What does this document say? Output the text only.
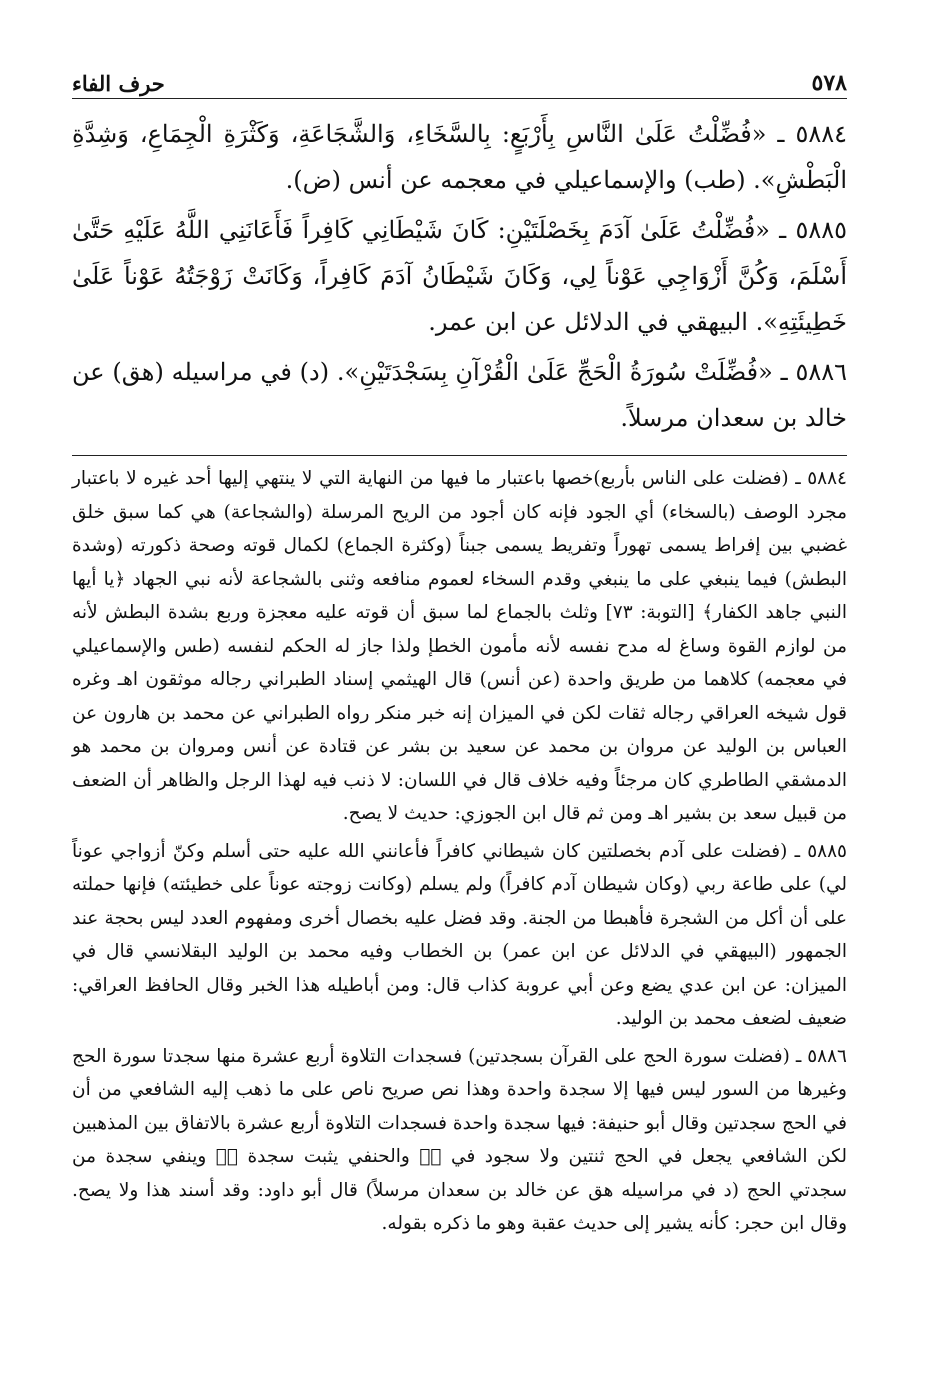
٥٧٨
حرف الفاء

٥٨٨٤ ـ «فُضِّلْتُ عَلَىٰ النَّاسِ بِأَرْبَعٍ: بِالسَّخَاءِ، وَالشَّجَاعَةِ، وَكَثْرَةِ الْجِمَاعِ، وَشِدَّةِ الْبَطْشِ». (طب) والإسماعيلي في معجمه عن أنس (ض).

٥٨٨٥ ـ «فُضِّلْتُ عَلَىٰ آدَمَ بِخَصْلَتَيْنِ: كَانَ شَيْطَانِي كَافِراً فَأَعَانَنِي اللَّهُ عَلَيْهِ حَتَّىٰ أَسْلَمَ، وَكُنَّ أَزْوَاجِي عَوْناً لِي، وَكَانَ شَيْطَانُ آدَمَ كَافِراً، وَكَانَتْ زَوْجَتُهُ عَوْناً عَلَىٰ خَطِيئَتِهِ». البيهقي في الدلائل عن ابن عمر.

٥٨٨٦ ـ «فُضِّلَتْ سُورَةُ الْحَجِّ عَلَىٰ الْقُرْآنِ بِسَجْدَتَيْنِ». (د) في مراسيله (هق) عن خالد بن سعدان مرسلاً.

٥٨٨٤ ـ (فضلت على الناس بأربع)خصها باعتبار ما فيها من النهاية التي لا ينتهي إليها أحد غيره لا باعتبار مجرد الوصف (بالسخاء) أي الجود فإنه كان أجود من الريح المرسلة (والشجاعة) هي كما سبق خلق غضبي بين إفراط يسمى تهوراً وتفريط يسمى جبناً (وكثرة الجماع) لكمال قوته وصحة ذكورته (وشدة البطش) فيما ينبغي على ما ينبغي وقدم السخاء لعموم منافعه وثنى بالشجاعة لأنه نبي الجهاد ﴿يا أيها النبي جاهد الكفار﴾ [التوبة: ٧٣] وثلث بالجماع لما سبق أن قوته عليه معجزة وربع بشدة البطش لأنه من لوازم القوة وساغ له مدح نفسه لأنه مأمون الخطإ ولذا جاز له الحكم لنفسه (طس والإسماعيلي في معجمه) كلاهما من طريق واحدة (عن أنس) قال الهيثمي إسناد الطبراني رجاله موثقون اهـ وغره قول شيخه العراقي رجاله ثقات لكن في الميزان إنه خبر منكر رواه الطبراني عن محمد بن هارون عن العباس بن الوليد عن مروان بن محمد عن سعيد بن بشر عن قتادة عن أنس ومروان بن محمد هو الدمشقي الطاطري كان مرجئاً وفيه خلاف قال في اللسان: لا ذنب فيه لهذا الرجل والظاهر أن الضعف من قبيل سعد بن بشير اهـ ومن ثم قال ابن الجوزي: حديث لا يصح.

٥٨٨٥ ـ (فضلت على آدم بخصلتين كان شيطاني كافراً فأعانني الله عليه حتى أسلم وكنّ أزواجي عوناً لي) على طاعة ربي (وكان شيطان آدم كافراً) ولم يسلم (وكانت زوجته عوناً على خطيئته) فإنها حملته على أن أكل من الشجرة فأهبطا من الجنة. وقد فضل عليه بخصال أخرى ومفهوم العدد ليس بحجة عند الجمهور (البيهقي في الدلائل عن ابن عمر) بن الخطاب وفيه محمد بن الوليد البقلانسي قال في الميزان: عن ابن عدي يضع وعن أبي عروبة كذاب قال: ومن أباطيله هذا الخبر وقال الحافظ العراقي: ضعيف لضعف محمد بن الوليد.

٥٨٨٦ ـ (فضلت سورة الحج على القرآن بسجدتين) فسجدات التلاوة أربع عشرة منها سجدتا سورة الحج وغيرها من السور ليس فيها إلا سجدة واحدة وهذا نص صريح ناص على ما ذهب إليه الشافعي من أن في الحج سجدتين وقال أبو حنيفة: فيها سجدة واحدة فسجدات التلاوة أربع عشرة بالاتفاق بين المذهبين لكن الشافعي يجعل في الحج ثنتين ولا سجود في صۤ والحنفي يثبت سجدة صۤ وينفي سجدة من سجدتي الحج (د في مراسيله هق عن خالد بن سعدان مرسلاً) قال أبو داود: وقد أسند هذا ولا يصح. وقال ابن حجر: كأنه يشير إلى حديث عقبة وهو ما ذكره بقوله.
